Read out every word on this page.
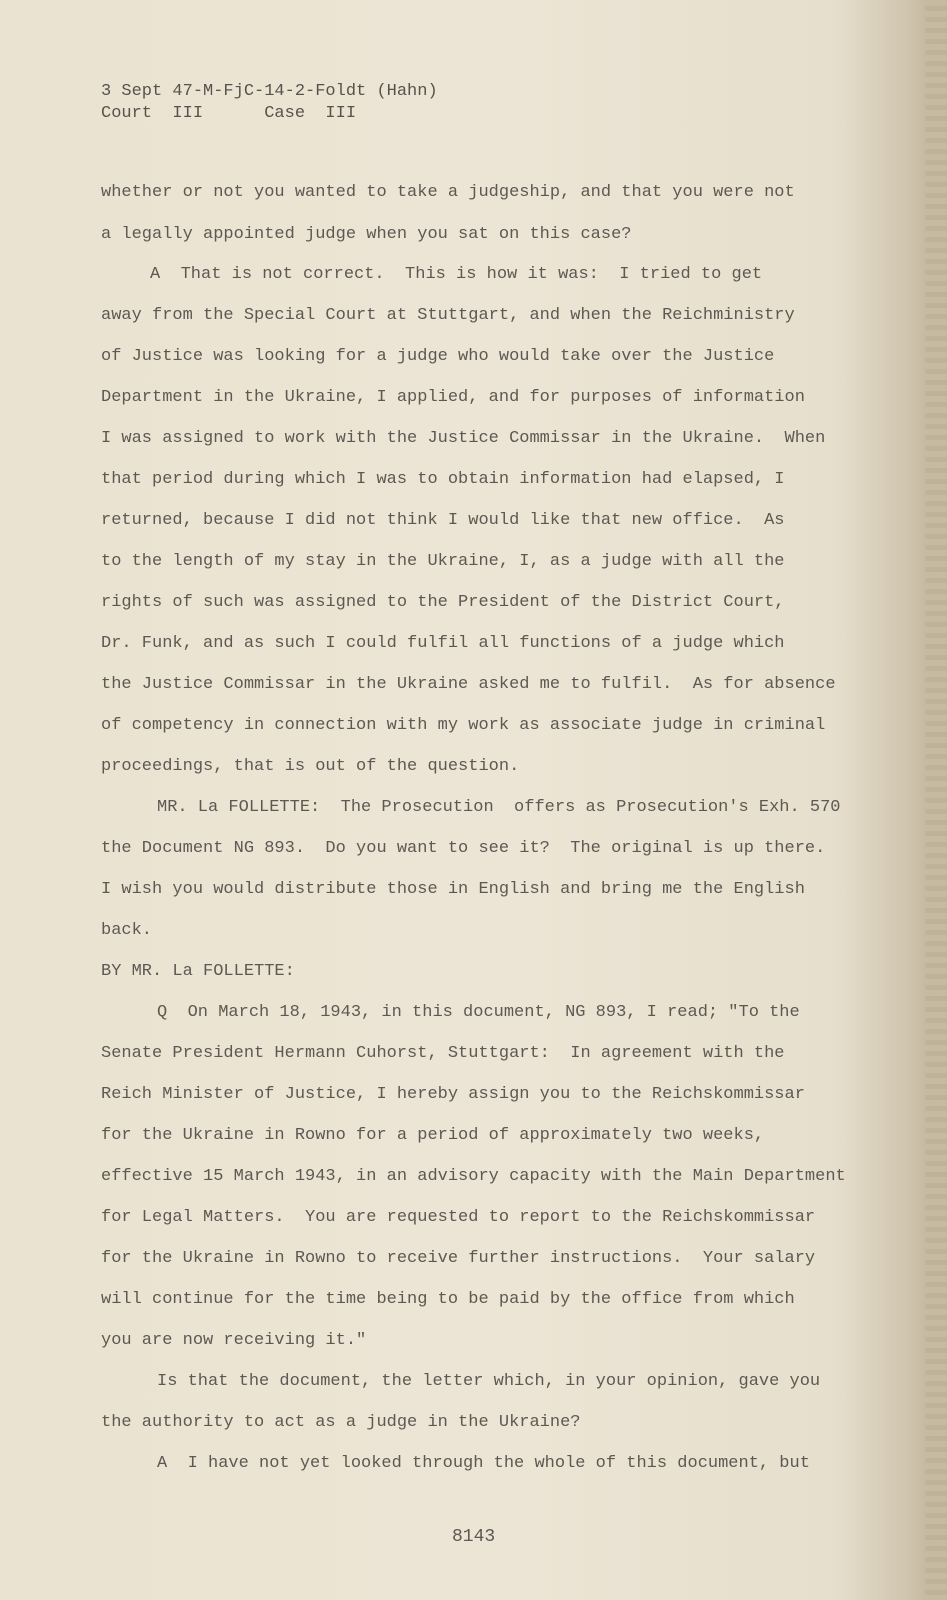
3 Sept 47-M-FjC-14-2-Foldt (Hahn)
Court  III      Case  III
whether or not you wanted to take a judgeship, and that you were not
a legally appointed judge when you sat on this case?
A  That is not correct.  This is how it was:  I tried to get
away from the Special Court at Stuttgart, and when the Reichministry
of Justice was looking for a judge who would take over the Justice
Department in the Ukraine, I applied, and for purposes of information
I was assigned to work with the Justice Commissar in the Ukraine.  When
that period during which I was to obtain information had elapsed, I
returned, because I did not think I would like that new office.  As
to the length of my stay in the Ukraine, I, as a judge with all the
rights of such was assigned to the President of the District Court,
Dr. Funk, and as such I could fulfil all functions of a judge which
the Justice Commissar in the Ukraine asked me to fulfil.  As for absence
of competency in connection with my work as associate judge in criminal
proceedings, that is out of the question.
MR. La FOLLETTE:  The Prosecution  offers as Prosecution's Exh. 570
the Document NG 893.  Do you want to see it?  The original is up there.
I wish you would distribute those in English and bring me the English
back.
BY MR. La FOLLETTE:
Q  On March 18, 1943, in this document, NG 893, I read; "To the
Senate President Hermann Cuhorst, Stuttgart:  In agreement with the
Reich Minister of Justice, I hereby assign you to the Reichskommissar
for the Ukraine in Rowno for a period of approximately two weeks,
effective 15 March 1943, in an advisory capacity with the Main Department
for Legal Matters.  You are requested to report to the Reichskommissar
for the Ukraine in Rowno to receive further instructions.  Your salary
will continue for the time being to be paid by the office from which
you are now receiving it."
Is that the document, the letter which, in your opinion, gave you
the authority to act as a judge in the Ukraine?
A  I have not yet looked through the whole of this document, but
8143
